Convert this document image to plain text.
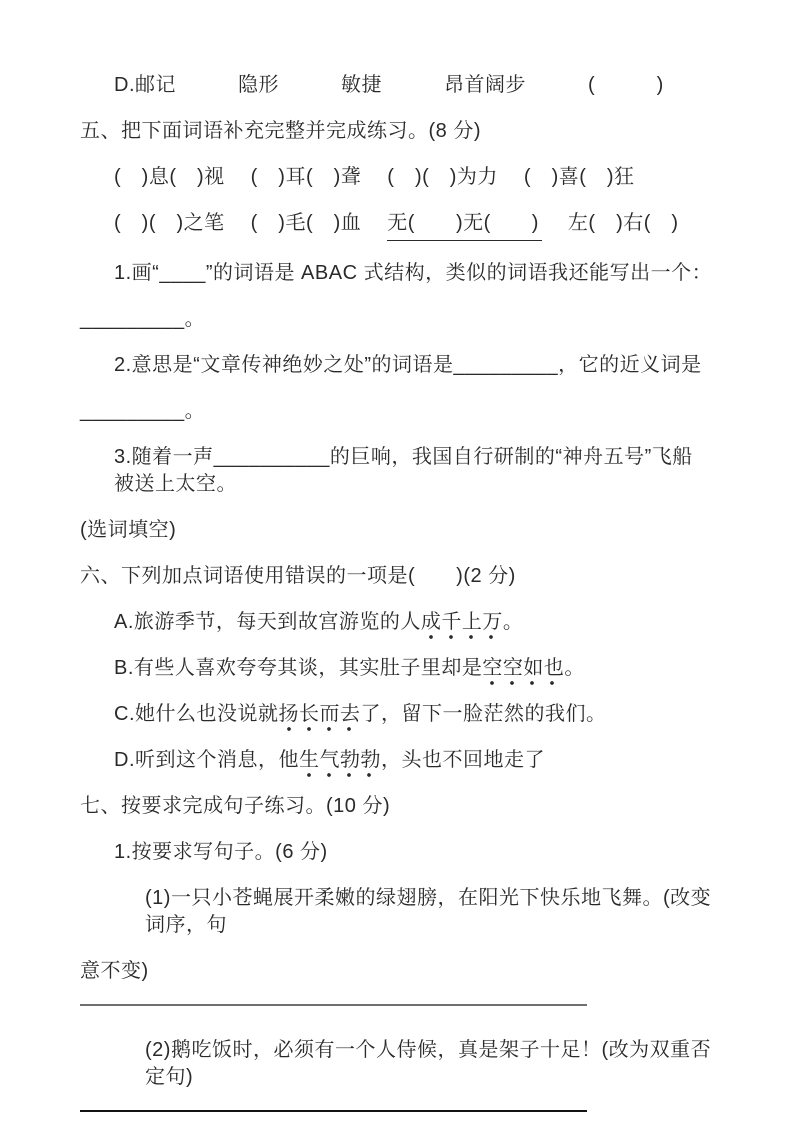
D.邮记	隐形	敏捷	昂首阔步	(　　　)
五、把下面词语补充完整并完成练习。(8 分)
(　)息(　)视 (　)耳(　)聋 (　)(　)为力 (　)喜(　)狂
(　)(　)之笔 (　)毛(　)血 无(　　)无(　　) 左(　)右(　)
1.画“____”的词语是 ABAC 式结构，类似的词语我还能写出一个：
_________。
2.意思是“文章传神绝妙之处”的词语是_________，它的近义词是
_________。
3.随着一声__________的巨响，我国自行研制的“神舟五号”飞船被送上太空。
(选词填空)
六、下列加点词语使用错误的一项是(　　)(2 分)
A.旅游季节，每天到故宫游览的人成千上万。
B.有些人喜欢夸夸其谈，其实肚子里却是空空如也。
C.她什么也没说就扬长而去了，留下一脸茫然的我们。
D.听到这个消息，他生气勃勃，头也不回地走了
七、按要求完成句子练习。(10 分)
1.按要求写句子。(6 分)
(1)一只小苍蝇展开柔嫩的绿翅膀，在阳光下快乐地飞舞。(改变词序，句
意不变)
(2)鹅吃饭时，必须有一个人侍候，真是架子十足！(改为双重否定句)
